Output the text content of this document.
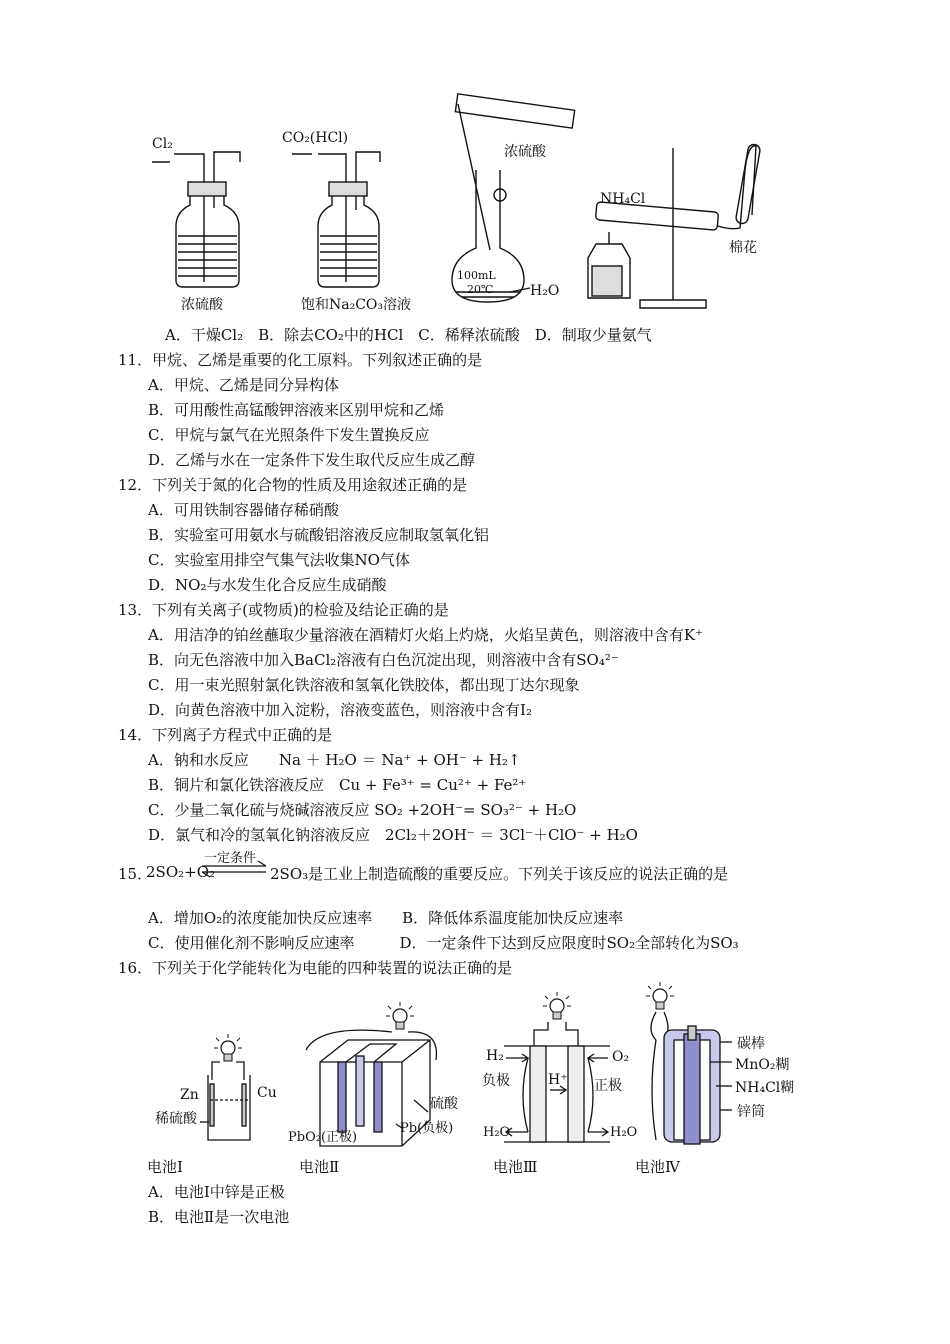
Cl₂	CO₂(HCl)
浓硫酸
100mL
20℃	H₂O
NH₄Cl
棉花
浓硫酸	饱和Na₂CO₃溶液
A．干燥Cl₂　B．除去CO₂中的HCl　C．稀释浓硫酸　D．制取少量氨气
11．甲烷、乙烯是重要的化工原料。下列叙述正确的是
A．甲烷、乙烯是同分异构体
B．可用酸性高锰酸钾溶液来区别甲烷和乙烯
C．甲烷与氯气在光照条件下发生置换反应
D．乙烯与水在一定条件下发生取代反应生成乙醇
12．下列关于氮的化合物的性质及用途叙述正确的是
A．可用铁制容器储存稀硝酸
B．实验室可用氨水与硫酸铝溶液反应制取氢氧化铝
C．实验室用排空气集气法收集NO气体
D．NO₂与水发生化合反应生成硝酸
13．下列有关离子(或物质)的检验及结论正确的是
A．用洁净的铂丝蘸取少量溶液在酒精灯火焰上灼烧，火焰呈黄色，则溶液中含有K⁺
B．向无色溶液中加入BaCl₂溶液有白色沉淀出现，则溶液中含有SO₄²⁻
C．用一束光照射氯化铁溶液和氢氧化铁胶体，都出现丁达尔现象
D．向黄色溶液中加入淀粉，溶液变蓝色，则溶液中含有I₂
14．下列离子方程式中正确的是
A．钠和水反应　　Na ＋ H₂O ＝ Na⁺ + OH⁻ + H₂↑
B．铜片和氯化铁溶液反应　Cu + Fe³⁺ = Cu²⁺ + Fe²⁺
C．少量二氧化硫与烧碱溶液反应 SO₂ +2OH⁻= SO₃²⁻ + H₂O
D．氯气和冷的氢氧化钠溶液反应　2Cl₂＋2OH⁻ ＝ 3Cl⁻＋ClO⁻ + H₂O
15．
2SO₂+O₂
一定条件
2SO₃是工业上制造硫酸的重要反应。下列关于该反应的说法正确的是
A．增加O₂的浓度能加快反应速率　　B．降低体系温度能加快反应速率
C．使用催化剂不影响反应速率　　　D．一定条件下达到反应限度时SO₂全部转化为SO₃
16．下列关于化学能转化为电能的四种装置的说法正确的是
Zn	Cu
稀硫酸
硫酸
PbO₂(正极)
Pb(负极)
H₂	O₂
负极	正极
H⁺
H₂O	H₂O
碳棒
MnO₂糊
NH₄Cl糊
锌筒
电池Ⅰ	电池Ⅱ	电池Ⅲ	电池Ⅳ
A．电池Ⅰ中锌是正极
B．电池Ⅱ是一次电池
